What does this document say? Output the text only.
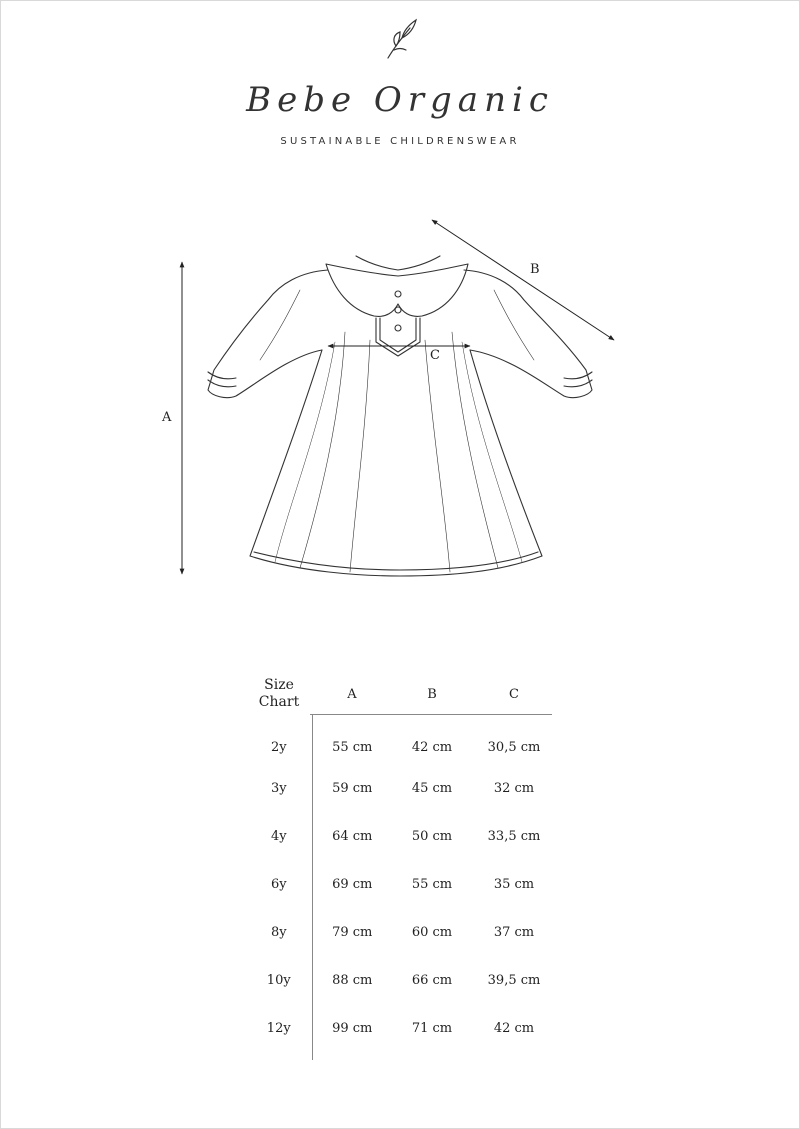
Bebe Organic
SUSTAINABLE CHILDRENSWEAR
A
B
C
Size
Chart	A	B	C
2y	55 cm	42 cm	30,5 cm
3y	59 cm	45 cm	32 cm
4y	64 cm	50 cm	33,5 cm
6y	69 cm	55 cm	35 cm
8y	79 cm	60 cm	37 cm
10y	88 cm	66 cm	39,5 cm
12y	99 cm	71 cm	42 cm
